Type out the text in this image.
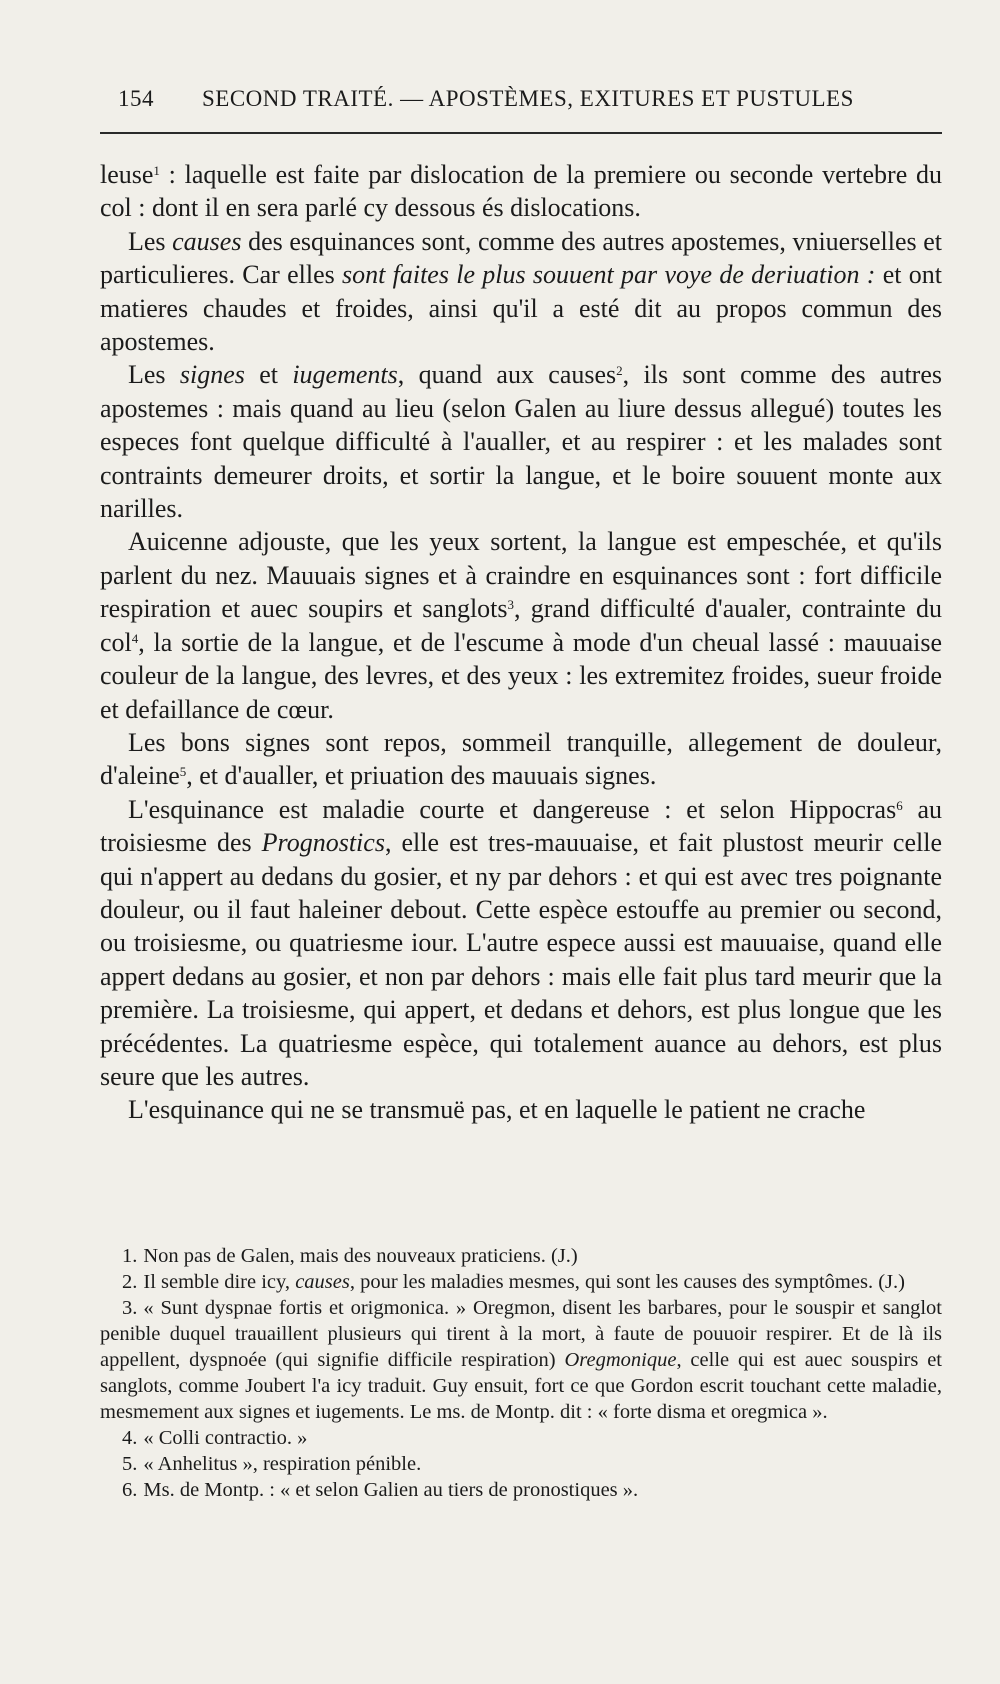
154 SECOND TRAITÉ. — APOSTÈMES, EXITURES ET PUSTULES

leuse$^1$ : laquelle est faite par dislocation de la premiere ou seconde vertebre du col : dont il en sera parlé cy dessous és dislocations.

Les causes des esquinances sont, comme des autres apostemes, vniuerselles et particulieres. Car elles sont faites le plus souuent par voye de deriuation : et ont matieres chaudes et froides, ainsi qu'il a esté dit au propos commun des apostemes.

Les signes et iugements, quand aux causes$^2$, ils sont comme des autres apostemes : mais quand au lieu (selon Galen au liure dessus allegué) toutes les especes font quelque difficulté à l'aualler, et au respirer : et les malades sont contraints demeurer droits, et sortir la langue, et le boire souuent monte aux narilles.

Auicenne adjouste, que les yeux sortent, la langue est empeschée, et qu'ils parlent du nez. Mauuais signes et à craindre en esquinances sont : fort difficile respiration et auec soupirs et sanglots$^3$, grand difficulté d'aualer, contrainte du col$^4$, la sortie de la langue, et de l'escume à mode d'un cheual lassé : mauuaise couleur de la langue, des levres, et des yeux : les extremitez froides, sueur froide et defaillance de cœur.

Les bons signes sont repos, sommeil tranquille, allegement de douleur, d'aleine$^5$, et d'aualler, et priuation des mauuais signes.

L'esquinance est maladie courte et dangereuse : et selon Hippocras$^6$ au troisiesme des Prognostics, elle est tres-mauuaise, et fait plustost meurir celle qui n'appert au dedans du gosier, et ny par dehors : et qui est avec tres poignante douleur, ou il faut haleiner debout. Cette espèce estouffe au premier ou second, ou troisiesme, ou quatriesme iour. L'autre espece aussi est mauuaise, quand elle appert dedans au gosier, et non par dehors : mais elle fait plus tard meurir que la première. La troisiesme, qui appert, et dedans et dehors, est plus longue que les précédentes. La quatriesme espèce, qui totalement auance au dehors, est plus seure que les autres.

L'esquinance qui ne se transmuë pas, et en laquelle le patient ne crache

1. Non pas de Galen, mais des nouveaux praticiens. (J.)

2. Il semble dire icy, causes, pour les maladies mesmes, qui sont les causes des symptômes. (J.)

3. « Sunt dyspnae fortis et origmonica. » Oregmon, disent les barbares, pour le souspir et sanglot penible duquel trauaillent plusieurs qui tirent à la mort, à faute de pouuoir respirer. Et de là ils appellent, dyspnoée (qui signifie difficile respiration) Oregmonique, celle qui est auec souspirs et sanglots, comme Joubert l'a icy traduit. Guy ensuit, fort ce que Gordon escrit touchant cette maladie, mesmement aux signes et iugements. Le ms. de Montp. dit : « forte disma et oregmica ».

4. « Colli contractio. »

5. « Anhelitus », respiration pénible.

6. Ms. de Montp. : « et selon Galien au tiers de pronostiques ».
